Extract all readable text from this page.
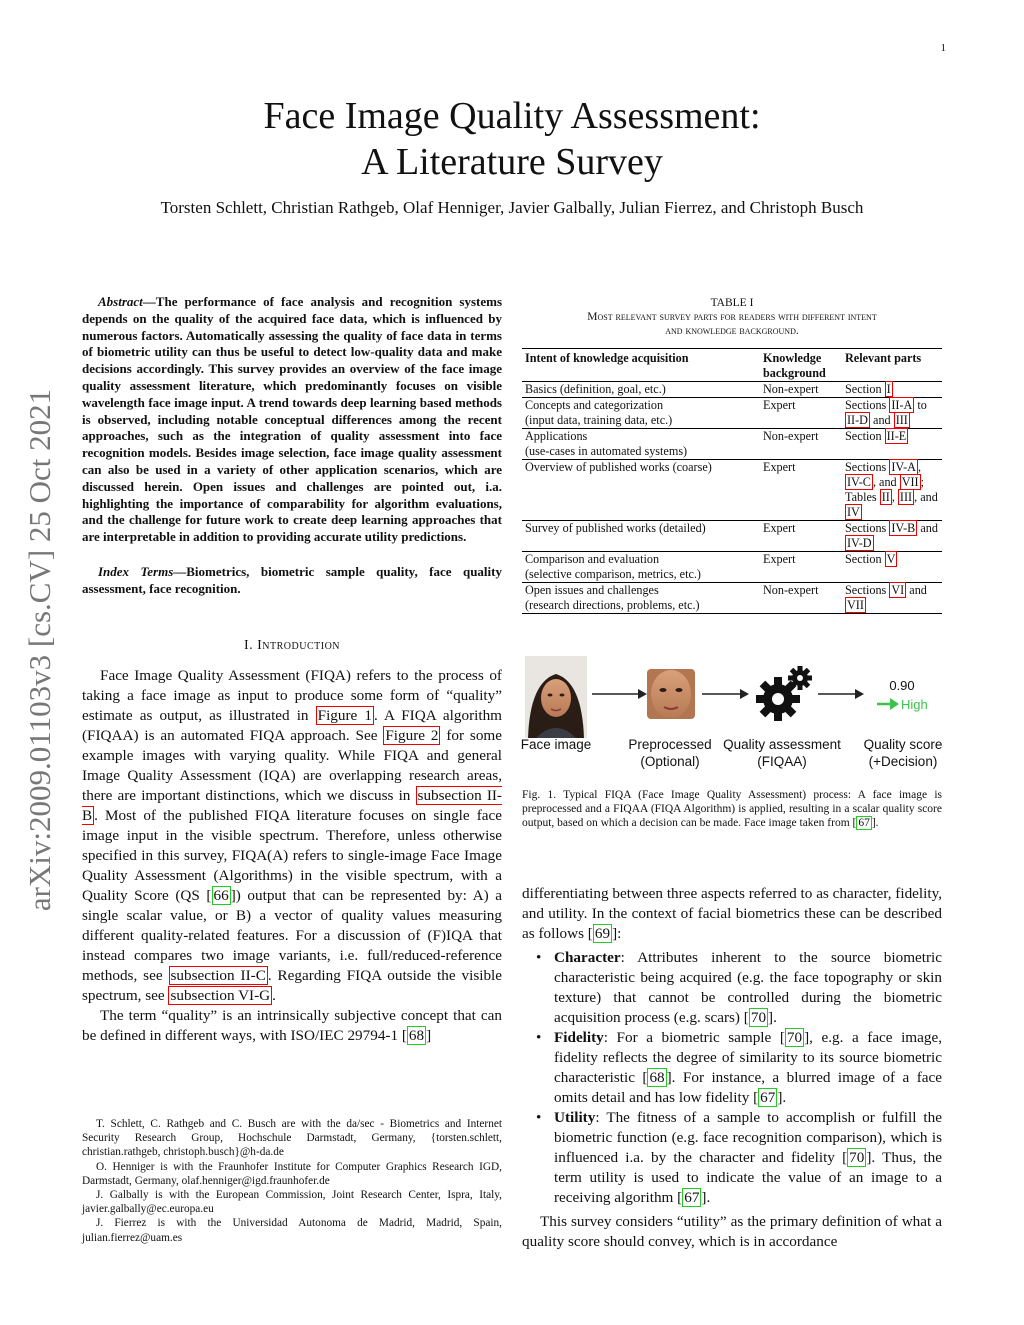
1
Face Image Quality Assessment:
A Literature Survey
Torsten Schlett, Christian Rathgeb, Olaf Henniger, Javier Galbally, Julian Fierrez, and Christoph Busch
arXiv:2009.01103v3 [cs.CV] 25 Oct 2021
Abstract—The performance of face analysis and recognition systems depends on the quality of the acquired face data, which is influenced by numerous factors. Automatically assessing the quality of face data in terms of biometric utility can thus be useful to detect low-quality data and make decisions accordingly. This survey provides an overview of the face image quality assessment literature, which predominantly focuses on visible wavelength face image input. A trend towards deep learning based methods is observed, including notable conceptual differences among the recent approaches, such as the integration of quality assessment into face recognition models. Besides image selection, face image quality assessment can also be used in a variety of other application scenarios, which are discussed herein. Open issues and challenges are pointed out, i.a. highlighting the importance of comparability for algorithm evaluations, and the challenge for future work to create deep learning approaches that are interpretable in addition to providing accurate utility predictions.
Index Terms—Biometrics, biometric sample quality, face quality assessment, face recognition.
I. Introduction
Face Image Quality Assessment (FIQA) refers to the process of taking a face image as input to produce some form of “quality” estimate as output, as illustrated in Figure 1 . A FIQA algorithm (FIQAA) is an automated FIQA approach. See Figure 2 for some example images with varying quality. While FIQA and general Image Quality Assessment (IQA) are overlapping research areas, there are important distinctions, which we discuss in subsection II-B . Most of the published FIQA literature focuses on single face image input in the visible spectrum. Therefore, unless otherwise specified in this survey, FIQA(A) refers to single-image Face Image Quality Assessment (Algorithms) in the visible spectrum, with a Quality Score (QS [ 66 ]) output that can be represented by: A) a single scalar value, or B) a vector of quality values measuring different quality-related features. For a discussion of (F)IQA that instead compares two image variants, i.e. full/reduced-reference methods, see subsection II-C . Regarding FIQA outside the visible spectrum, see subsection VI-G .
The term “quality” is an intrinsically subjective concept that can be defined in different ways, with ISO/IEC 29794-1 [ 68 ]

T. Schlett, C. Rathgeb and C. Busch are with the da/sec - Biometrics and Internet Security Research Group, Hochschule Darmstadt, Germany, {torsten.schlett, christian.rathgeb, christoph.busch}@h-da.de

O. Henniger is with the Fraunhofer Institute for Computer Graphics Research IGD, Darmstadt, Germany, olaf.henniger@igd.fraunhofer.de

J. Galbally is with the European Commission, Joint Research Center, Ispra, Italy, javier.galbally@ec.europa.eu

J. Fierrez is with the Universidad Autonoma de Madrid, Madrid, Spain, julian.fierrez@uam.es

TABLE I
Most relevant survey parts for readers with different intent
and knowledge background.
Intent of knowledge acquisition	Knowledge background	Relevant parts

Basics (definition, goal, etc.)	Non-expert	Section I

Concepts and categorization
(input data, training data, etc.)	Expert	Sections II-A to II-D and III

Applications
(use-cases in automated systems)	Non-expert	Section II-E

Overview of published works (coarse)	Expert	Sections IV-A , IV-C , and VII ; Tables II , III , and IV

Survey of published works (detailed)	Expert	Sections IV-B and IV-D

Comparison and evaluation
(selective comparison, metrics, etc.)	Expert	Section V

Open issues and challenges
(research directions, problems, etc.)	Non-expert	Sections VI and VII
0.90
High
Face image	Preprocessed
(Optional)
Quality assessment
(FIQAA)
Quality score
(+Decision)
Fig. 1. Typical FIQA (Face Image Quality Assessment) process: A face image is preprocessed and a FIQAA (FIQA Algorithm) is applied, resulting in a scalar quality score output, based on which a decision can be made. Face image taken from [ 67 ].
differentiating between three aspects referred to as character, fidelity, and utility. In the context of facial biometrics these can be described as follows [ 69 ]:
• Character: Attributes inherent to the source biometric characteristic being acquired (e.g. the face topography or skin texture) that cannot be controlled during the biometric acquisition process (e.g. scars) [ 70 ].
• Fidelity: For a biometric sample [ 70 ], e.g. a face image, fidelity reflects the degree of similarity to its source biometric characteristic [ 68 ]. For instance, a blurred image of a face omits detail and has low fidelity [ 67 ].
• Utility: The fitness of a sample to accomplish or fulfill the biometric function (e.g. face recognition comparison), which is influenced i.a. by the character and fidelity [ 70 ]. Thus, the term utility is used to indicate the value of an image to a receiving algorithm [ 67 ].
This survey considers “utility” as the primary definition of what a quality score should convey, which is in accordance
